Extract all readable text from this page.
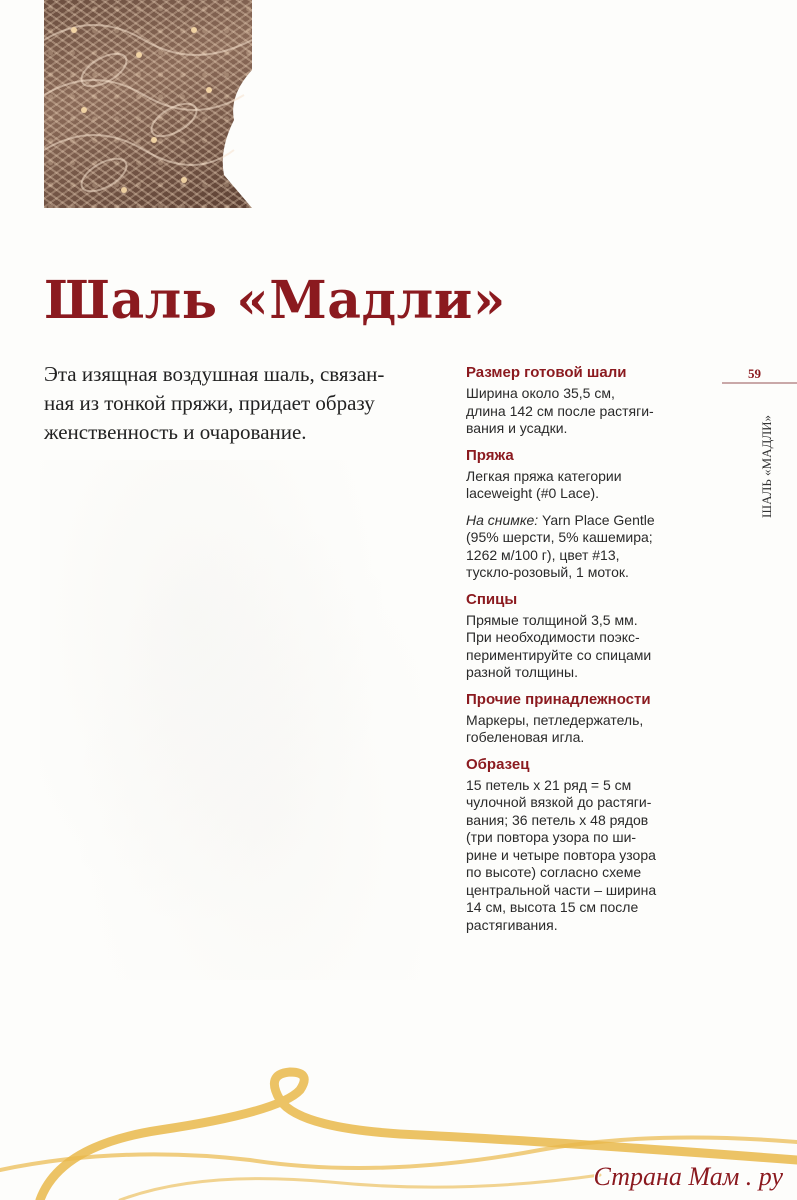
Шаль «Мадли»
Эта изящная воздушная шаль, связан-
ная из тонкой пряжи, придает образу
женственность и очарование.
Размер готовой шали
Ширина около 35,5 см,
длина 142 см после растяги-
вания и усадки.
Пряжа
Легкая пряжа категории
laceweight (#0 Lace).
На снимке: Yarn Place Gentle
(95% шерсти, 5% кашемира;
1262 м/100 г), цвет #13,
тускло-розовый, 1 моток.
Спицы
Прямые толщиной 3,5 мм.
При необходимости поэкс-
периментируйте со спицами
разной толщины.
Прочие принадлежности
Маркеры, петледержатель,
гобеленовая игла.
Образец
15 петель х 21 ряд = 5 см
чулочной вязкой до растяги-
вания; 36 петель х 48 рядов
(три повтора узора по ши-
рине и четыре повтора узора
по высоте) согласно схеме
центральной части – ширина
14 см, высота 15 см после
растягивания.
59
ШАЛЬ «МАДЛИ»
Страна Мам . ру
